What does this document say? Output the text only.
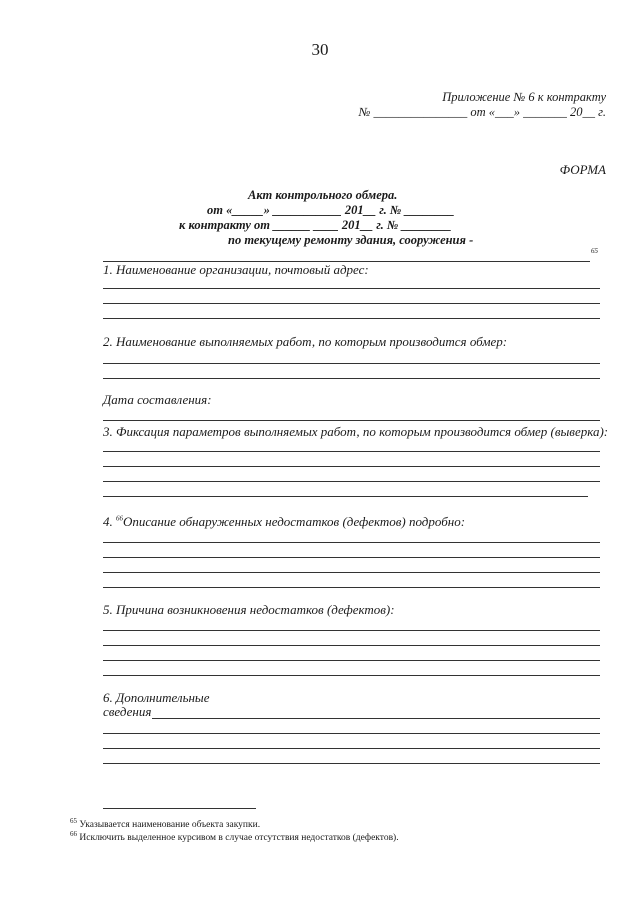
30
Приложение № 6 к контракту
№ _______________ от «___» _______ 20__ г.
ФОРМА
Акт контрольного обмера.
от «_____» ___________ 201__ г. № ________
к контракту от ______ ____ 201__ г. № ________
по текущему ремонту здания, сооружения -
65
1. Наименование организации, почтовый адрес:
2. Наименование выполняемых работ, по которым производится обмер:
Дата составления:
3. Фиксация параметров выполняемых работ, по которым производится обмер (выверка):
4. $^{66}$Описание обнаруженных недостатков (дефектов) подробно:
5. Причина возникновения недостатков (дефектов):
6. Дополнительные
сведения
$^{65}$ Указывается наименование объекта закупки.
$^{66}$ Исключить выделенное курсивом в случае отсутствия недостатков (дефектов).
